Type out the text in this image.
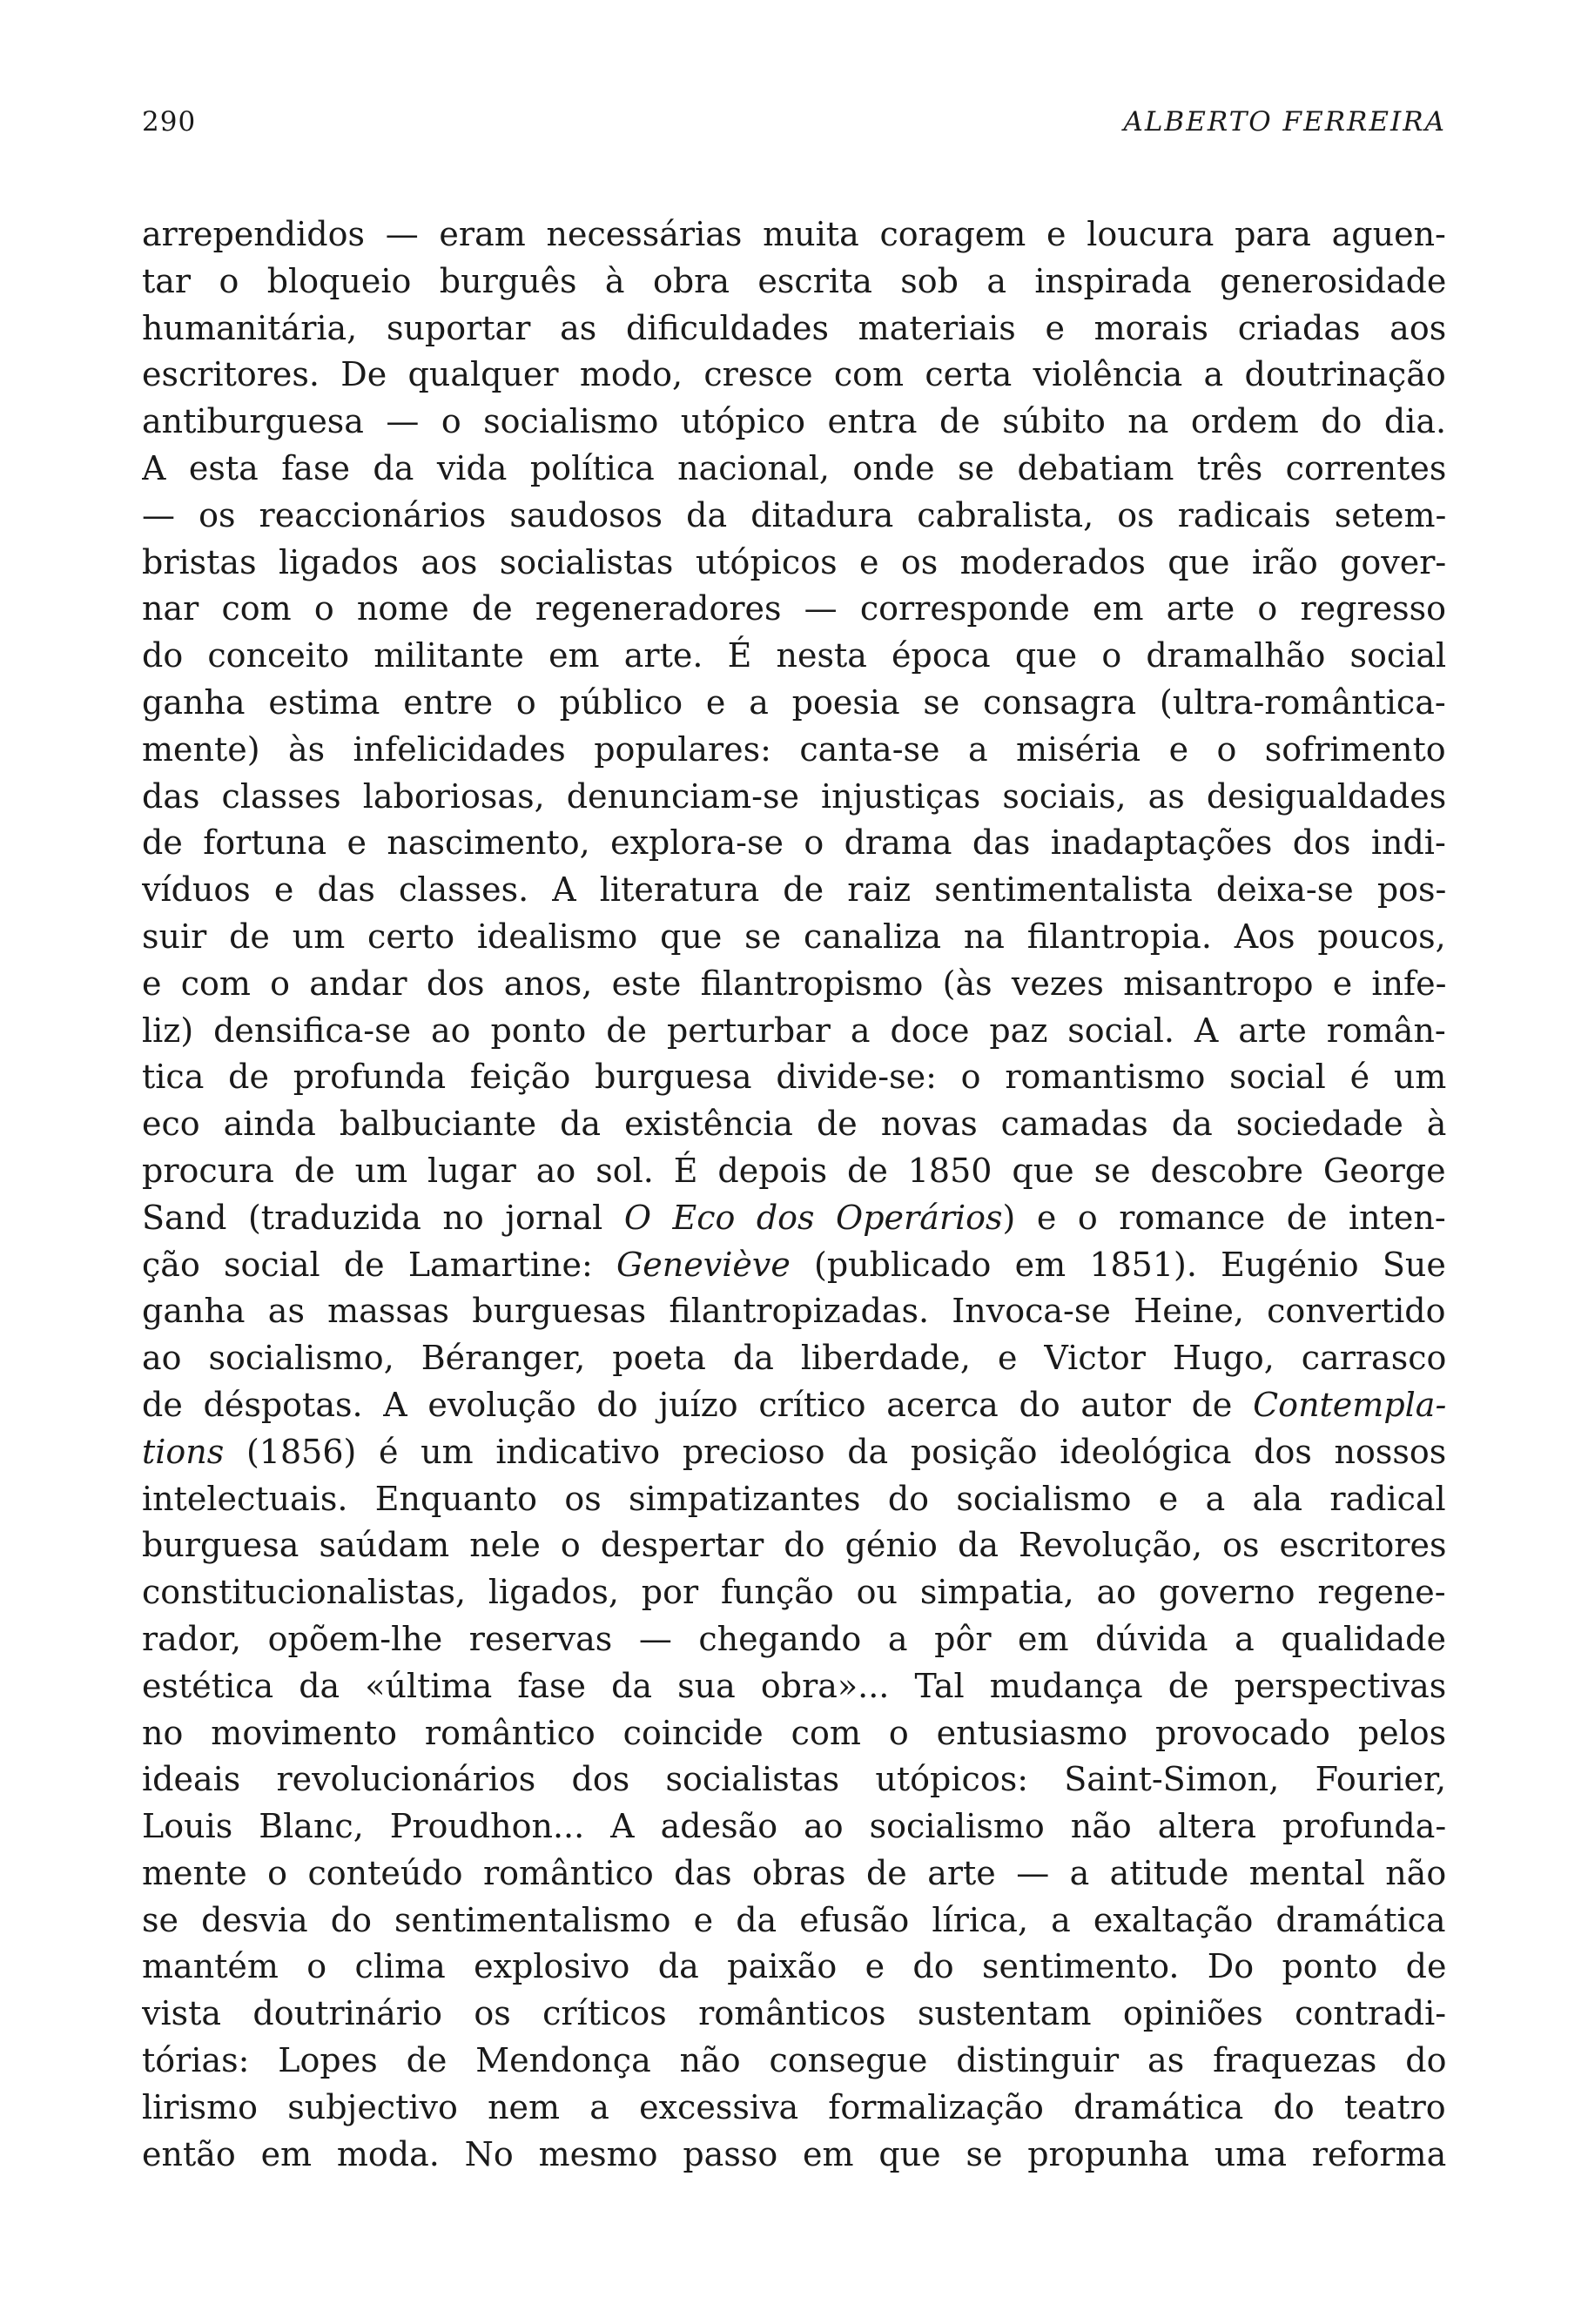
290	ALBERTO FERREIRA
arrependidos — eram necessárias muita coragem e loucura para aguen-
tar o bloqueio burguês à obra escrita sob a inspirada generosidade
humanitária, suportar as dificuldades materiais e morais criadas aos
escritores. De qualquer modo, cresce com certa violência a doutrinação
antiburguesa — o socialismo utópico entra de súbito na ordem do dia.
A esta fase da vida política nacional, onde se debatiam três correntes
— os reaccionários saudosos da ditadura cabralista, os radicais setem-
bristas ligados aos socialistas utópicos e os moderados que irão gover-
nar com o nome de regeneradores — corresponde em arte o regresso
do conceito militante em arte. É nesta época que o dramalhão social
ganha estima entre o público e a poesia se consagra (ultra-romântica-
mente) às infelicidades populares: canta-se a miséria e o sofrimento
das classes laboriosas, denunciam-se injustiças sociais, as desigualdades
de fortuna e nascimento, explora-se o drama das inadaptações dos indi-
víduos e das classes. A literatura de raiz sentimentalista deixa-se pos-
suir de um certo idealismo que se canaliza na filantropia. Aos poucos,
e com o andar dos anos, este filantropismo (às vezes misantropo e infe-
liz) densifica-se ao ponto de perturbar a doce paz social. A arte român-
tica de profunda feição burguesa divide-se: o romantismo social é um
eco ainda balbuciante da existência de novas camadas da sociedade à
procura de um lugar ao sol. É depois de 1850 que se descobre George
Sand (traduzida no jornal O Eco dos Operários) e o romance de inten-
ção social de Lamartine: Geneviève (publicado em 1851). Eugénio Sue
ganha as massas burguesas filantropizadas. Invoca-se Heine, convertido
ao socialismo, Béranger, poeta da liberdade, e Victor Hugo, carrasco
de déspotas. A evolução do juízo crítico acerca do autor de Contempla-
tions (1856) é um indicativo precioso da posição ideológica dos nossos
intelectuais. Enquanto os simpatizantes do socialismo e a ala radical
burguesa saúdam nele o despertar do génio da Revolução, os escritores
constitucionalistas, ligados, por função ou simpatia, ao governo regene-
rador, opõem-lhe reservas — chegando a pôr em dúvida a qualidade
estética da «última fase da sua obra»... Tal mudança de perspectivas
no movimento romântico coincide com o entusiasmo provocado pelos
ideais revolucionários dos socialistas utópicos: Saint-Simon, Fourier,
Louis Blanc, Proudhon... A adesão ao socialismo não altera profunda-
mente o conteúdo romântico das obras de arte — a atitude mental não
se desvia do sentimentalismo e da efusão lírica, a exaltação dramática
mantém o clima explosivo da paixão e do sentimento. Do ponto de
vista doutrinário os críticos românticos sustentam opiniões contradi-
tórias: Lopes de Mendonça não consegue distinguir as fraquezas do
lirismo subjectivo nem a excessiva formalização dramática do teatro
então em moda. No mesmo passo em que se propunha uma reforma
